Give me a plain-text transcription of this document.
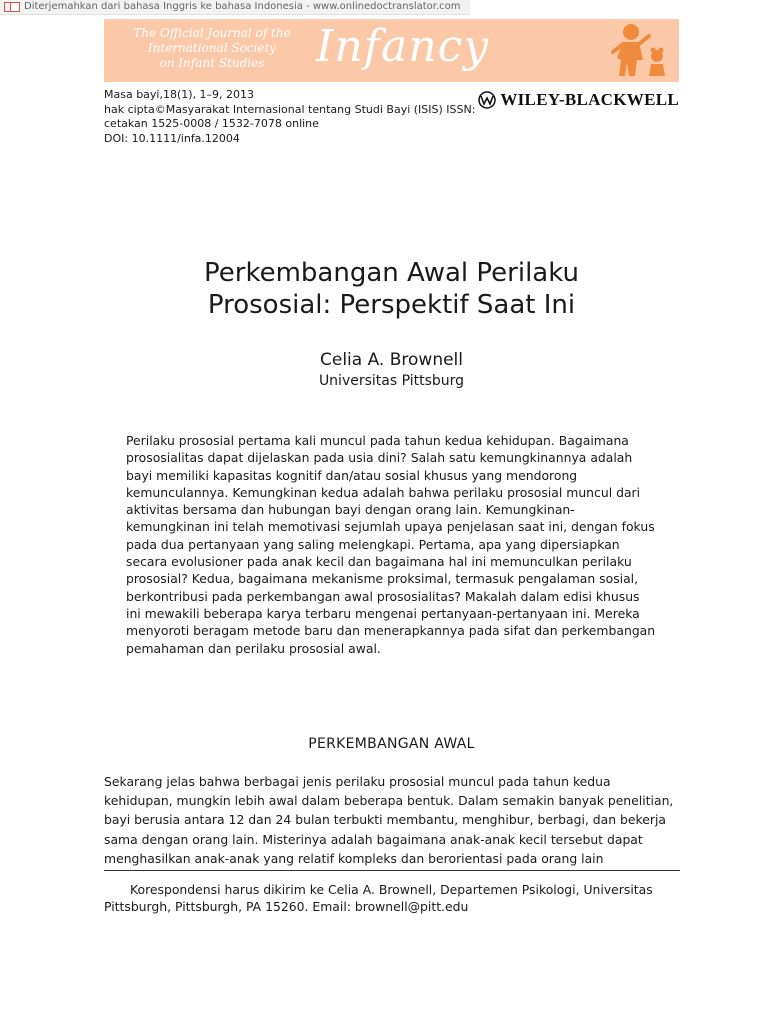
Diterjemahkan dari bahasa Inggris ke bahasa Indonesia - www.onlinedoctranslator.com
The Official Journal of the
International Society
on Infant Studies	Infancy
Masa bayi,18(1), 1–9, 2013
hak cipta©Masyarakat Internasional tentang Studi Bayi (ISIS) ISSN:
cetakan 1525-0008 / 1532-7078 online
DOI: 10.1111/infa.12004
WILEY-BLACKWELL
Perkembangan Awal Perilaku
Prososial: Perspektif Saat Ini
Celia A. Brownell
Universitas Pittsburg
Perilaku prososial pertama kali muncul pada tahun kedua kehidupan. Bagaimana
prososialitas dapat dijelaskan pada usia dini? Salah satu kemungkinannya adalah
bayi memiliki kapasitas kognitif dan/atau sosial khusus yang mendorong
kemunculannya. Kemungkinan kedua adalah bahwa perilaku prososial muncul dari
aktivitas bersama dan hubungan bayi dengan orang lain. Kemungkinan-
kemungkinan ini telah memotivasi sejumlah upaya penjelasan saat ini, dengan fokus
pada dua pertanyaan yang saling melengkapi. Pertama, apa yang dipersiapkan
secara evolusioner pada anak kecil dan bagaimana hal ini memunculkan perilaku
prososial? Kedua, bagaimana mekanisme proksimal, termasuk pengalaman sosial,
berkontribusi pada perkembangan awal prososialitas? Makalah dalam edisi khusus
ini mewakili beberapa karya terbaru mengenai pertanyaan-pertanyaan ini. Mereka
menyoroti beragam metode baru dan menerapkannya pada sifat dan perkembangan
pemahaman dan perilaku prososial awal.
PERKEMBANGAN AWAL
Sekarang jelas bahwa berbagai jenis perilaku prososial muncul pada tahun kedua
kehidupan, mungkin lebih awal dalam beberapa bentuk. Dalam semakin banyak penelitian,
bayi berusia antara 12 dan 24 bulan terbukti membantu, menghibur, berbagi, dan bekerja
sama dengan orang lain. Misterinya adalah bagaimana anak-anak kecil tersebut dapat
menghasilkan anak-anak yang relatif kompleks dan berorientasi pada orang lain
Korespondensi harus dikirim ke Celia A. Brownell, Departemen Psikologi, Universitas Pittsburgh, Pittsburgh, PA 15260. Email: brownell@pitt.edu
